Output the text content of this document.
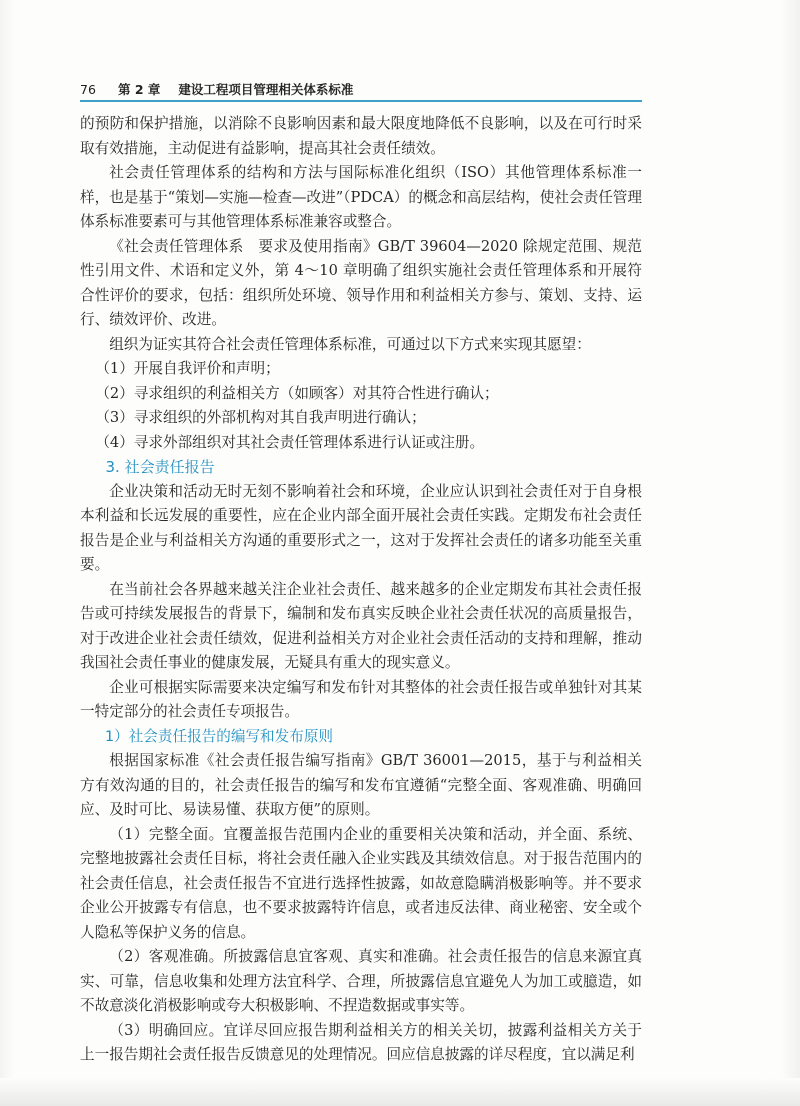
76 第 2 章 建设工程项目管理相关体系标准

的预防和保护措施，以消除不良影响因素和最大限度地降低不良影响，以及在可行时采取有效措施，主动促进有益影响，提高其社会责任绩效。

社会责任管理体系的结构和方法与国际标准化组织（ISO）其他管理体系标准一样，也是基于“策划—实施—检查—改进”（PDCA）的概念和高层结构，使社会责任管理体系标准要素可与其他管理体系标准兼容或整合。

《社会责任管理体系　要求及使用指南》GB/T 39604—2020 除规定范围、规范性引用文件、术语和定义外，第 4～10 章明确了组织实施社会责任管理体系和开展符合性评价的要求，包括：组织所处环境、领导作用和利益相关方参与、策划、支持、运行、绩效评价、改进。

组织为证实其符合社会责任管理体系标准，可通过以下方式来实现其愿望：

（1）开展自我评价和声明；

（2）寻求组织的利益相关方（如顾客）对其符合性进行确认；

（3）寻求组织的外部机构对其自我声明进行确认；

（4）寻求外部组织对其社会责任管理体系进行认证或注册。

3. 社会责任报告

企业决策和活动无时无刻不影响着社会和环境，企业应认识到社会责任对于自身根本利益和长远发展的重要性，应在企业内部全面开展社会责任实践。定期发布社会责任报告是企业与利益相关方沟通的重要形式之一，这对于发挥社会责任的诸多功能至关重要。

在当前社会各界越来越关注企业社会责任、越来越多的企业定期发布其社会责任报告或可持续发展报告的背景下，编制和发布真实反映企业社会责任状况的高质量报告，对于改进企业社会责任绩效，促进利益相关方对企业社会责任活动的支持和理解，推动我国社会责任事业的健康发展，无疑具有重大的现实意义。

企业可根据实际需要来决定编写和发布针对其整体的社会责任报告或单独针对其某一特定部分的社会责任专项报告。

1）社会责任报告的编写和发布原则

根据国家标准《社会责任报告编写指南》GB/T 36001—2015，基于与利益相关方有效沟通的目的，社会责任报告的编写和发布宜遵循“完整全面、客观准确、明确回应、及时可比、易读易懂、获取方便”的原则。

（1）完整全面。宜覆盖报告范围内企业的重要相关决策和活动，并全面、系统、完整地披露社会责任目标，将社会责任融入企业实践及其绩效信息。对于报告范围内的社会责任信息，社会责任报告不宜进行选择性披露，如故意隐瞒消极影响等。并不要求企业公开披露专有信息，也不要求披露特许信息，或者违反法律、商业秘密、安全或个人隐私等保护义务的信息。

（2）客观准确。所披露信息宜客观、真实和准确。社会责任报告的信息来源宜真实、可靠，信息收集和处理方法宜科学、合理，所披露信息宜避免人为加工或臆造，如不故意淡化消极影响或夸大积极影响、不捏造数据或事实等。

（3）明确回应。宜详尽回应报告期利益相关方的相关关切，披露利益相关方关于上一报告期社会责任报告反馈意见的处理情况。回应信息披露的详尽程度，宜以满足利
